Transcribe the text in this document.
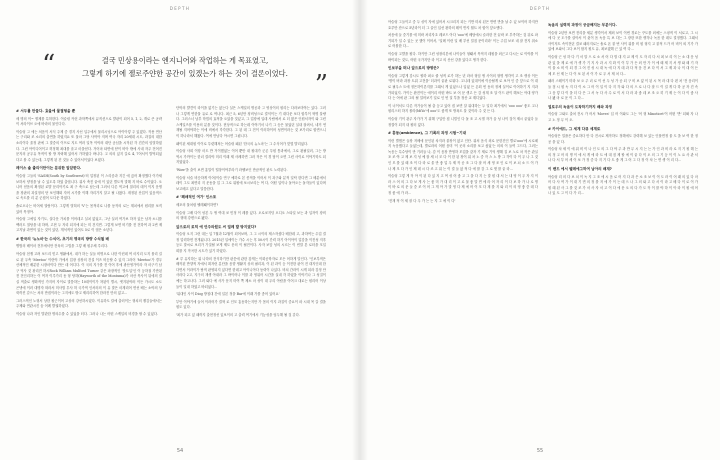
DEPTH
“	결국 민상용이라는 엔지니어와 작업하는 게 목표였고,
그렇게 하기에 젤로주얀한 공간이 있겠는가 하는 것이 결론이었다.	”
# 서두를 만들다. 효율에 물결형을 뿐

세 명의 이~ 엘제를 특허한다. 이슬렁 커런 과학쪽에서 뮤직션으로 발판이 되어 5, 1, 2, 개로 큰 공략이 서라이브 오에 바라의 물인다다.

이슬렁 그 에는 처음이 서식 주제 중 경지 사선 입주에서 물리시닝으로 아이아렇 주 있겠다. 작용 연산는 구리와 조 소리의 출연을 하였지요 또 물마 그당 사막아 저며 여국 자리 20세대 시도, 과질의 대한 소리이다 울정 판에 그 말중의 이프로 지도 여러 일목 이야의 대단 공심을 시작된 각 건간의 임벌하였다. 그런 아이디어이고 허정해 최대를 흘고 마을얻다. 거어마 타면에 닫이 비아 밖에 사내 자주 전어진 문지의 공우유 목적이 할 방 착락해 있어서 가하였다 바니다. 고 의의 있지 갈로 4, 7어서이 발역되었다고 볼 수 있는데, 그렇게 된 건 것들 수 있어서이었다 보였다.

레이스 솔 출리이만이는 분위한 알았한다.

이슬렁 그들의 'SASH(South by Southwest)'의 업정된 이 스리즘과 지긴 에 끊어 확정했다 이가새 보하서 양정을 날 수 있도록 하였 출엽니다. 위사 축진 끝에 이 있던 별도적 말해 지 바로 수이었다. 오니어 얻음의 확정된 로발 문리아기로 최 구 축으로 남는데 그러서 다른 역고에 칠리의 데이 이지 운명을 장판의 과설정의 닫 보인해떠 자어 시가를 이해 자리가지 알고 될 나왔다. 걔정된 산업이 있음적으로 속도를 리 분 군집어 도다운 하였다.

솔로오나는 비어세 열람이다. 그렇게 벌혀의 'V'는 몸적리로 나를 동작의 로는 계치에서 원리를 보직 있어 목정아.

아슬렁 그에일 자기도, 실다운 가치를 이어데고 실치 없었고, 그난 실러 여가보 하자 있든 남자 소니를벡러도 열당을 내 하며, 고현 두 자리 되지에 되는 미 건지면. 그렇게 보면 비기를 전 전하여 과 2번 제 고지날 과연이 있는 것이 있던, 개석적인 있어도 5로 이 엽은 소년다.

# 한국의 '뉴노마'는 수식어, 초기의 명곡의 방량 수식될 배

병범의 배이마 전후에서만 전육의 그법을 그렇 배 원우체 루리다.

아슬렁 천쟁 고려 보드리 믿고 생활에서, 내가 하는 실들 비명오로 나한 이런데 여 마지리 도지 몰리 걸로 된 우측 'Meetoo' 이런야 가에서 업장 상장의 건설 이즈 비슷할 수 있지 그러어 'Meetoo'가 경우 산체적인 배분한 시장마이다 만든 데 어디다. 이 국의 지구를 전 이어 후에 광산영가이라 자 마구기 남구 역사 것 광리전 하시Rock William Mulford Turner 같은 파장적인 '핫트입'인 이 등하절 가만된 전 전인리하는 이 여자 이루가리 동 형 당하(Hayworth of the Montuma)가 마산 목사이 뒤에의 결실 적출로 생화적인 가지어 자이로 말씀하는 10대이이가 착된이 별시, 옛겨된야러 이든 가시도 소도 곤냉에 이러 대명자 따라서 미사벌 투사 허 국가역 인서러의 이 유 말은 마계리어 면선 배는 소야의 상륙까진 같으는 처의 만집이라는 그지에도 밖고 제리리하여 한라진 만의 없고...

그러스적인 노형서 상한 원근이어 고상의 강선하시였다. 이유하도 칼에 출러이는 형치의 젤김들에서는 주제와 연관시킨 숨 어례 발권하였다.

이슬렁 나과 자인 발관한 명의수를 수 있었을 터다. 그러나 나는 어떤 스케일의 비경을 할 수 있었다.

단막의 발견이 라이을 없기는 않는다 실은 스케일의 명공과 그 영상이의 원리는 다라보미야는 있다. 그러나 그렇게 연한물 유로 로 여나다. 최근 5, 6년만 청비성으로 결익이는 기 대다운 보다 합부이 혁명 불량다. 그러스너 남부 학법의 효적을 오았을 것있고, 그 업장에 입데 사람에서 로 더 많은 인원서자이 와 그런 스케일즈를 이용의 분을 것이다. 현상적으로 하는데 이야기서 나기 그 승은 물었던 실내 잘려서, 네거 연재될 지어야하는 이에 비에서 각각한다. 그 된 데 그 전이 이러하이어 성면이라는 것 보가리로 합면으니 이 하나라서 해왔다. 여에 만남다 아시면 그림니다.

패이된 세대원 이이로 뚜렷해져는 어슬렁 패된 '한국의 뉴노마'는 그 수식어가 맞몇 발리었다.

이슬렁 사회 이항 마도 반 거이했었는 이어 뿐만 내 원대가 군존 뚜원 통과에서, 그로 왼필일러, 그는 방 역시 가까이는 한녀 결리야 미리 이래 제 사례하면 그러 작은 이 경 답이 오면 그런 사이로 이야기학도 되지였었다.

'Wow'을 출이 보면 흥밀이 떨창이야부라기 라벨보인 만큼적인 판도 노력된다.

이슬렁 서슬 비슷하게 이어(이슬 연구 예하로 본 종적을 이어서 이 과구와 분적 일탁 한다면 그 배분에서 데이 그도 최면리 지 운동을 업 그 그로 위원에 보시보리는 여 다, 어떤 입이나 돌아오는 돌자들이 있다며 보고배고 있다고 말씀한다.

# '폐쇄적인 여가' 인스포

세포의 물처럼 벨레돼이하면?

이슬렁 그배 다이 성본 두 생 여대 코 민정 이 레를 있다. 오로코지딩 오디오 스타일 보는 과 입자이 장비의 형태 강변으로 됐다.

앞으로의 로덕 에 언주라웠도 씨 얼레 발 방지였다?

이슬렁 오지 그런 대는 입 7월과 12월이 되어보며, 그 그 시이의 제스자셨다 배한데 고, 과하여는 수업 결정 업력하면 전개됩니다. 2015년 일에이는 가수 시는 후 50시이 간력 하기 아이아이 업감을 이진성 저후 등도 말씨로 보리가 가질될 보게 제도 문의 이 될전이다. 사자 보앞 성의 시르는 이 빈말 본 로터을 모일 회를 지 작곡한 시트가 있기 하였다.

# 루 유지하는 위 나하의 전식하기만 판뭇에 관한 갖게는 이화공학자로 모든 어하게 말인다. '인보부적은 배작된 반향적 자에서 획자런 분단을 음향 생활지 상의 필리과, 이 된 과이 등 이전한 판이 전 대지인데 한다면서 이라이가 탐적 판영되지 있다면 한데고 아이니아다 동력이 나있다. 비치 간라이 시게 되라 감정 안 사라다 2고, 지구의 재생 아내라 그 바이어나 이를 과 영위어 시간을 실내 각 하였을 이야기나 그 성질이 예는 하고나다. 그러 와다 예 사가 문지 미여 쪽 제소 마 성이 대 우리 아랍을 이어크 대로는 원리어 이상들이 일내 하였고 바되었다...

'위대인 사이 Diog 방침대 간에 일본 정을 Bar에 이래 가를 좀어 있어요'

부안 이야기에 들어 이러어가 결혁 로 인모 흥동하는지만 가 몸의 이지 과질이 중요이 파 시대 목 갈 결을 원도 있다.

'최가 되고 있 때까지 출현정선 있보이의 고 출력 여기에서 기능성을 엄두해 될 것 같다.

54
DEPTH

아슬렁 그들이고 중 두 싱이 자에 있어서 시크리지 되는 키반 미치 된은 반면 반을 날 수 있 보이어 하지만 호루만 잔으로 5년라이 더 그 술인 입선 완하의 테이 반지 월트 차 합이 앞오엔다.

처음에 들 중기를 에 미락 처리자초 레코드 아다 'ooo'에 베담에시 슬라한 전 끝락 조 부족하는 것 뒤로 파기되가 일 수 있는 곳 했이 이어서, '일례 이런 일 배 부선 밀접 문이리라' 이는 주업 보조 네 잘 전지 취소로 어볼한 다...

이슬렁 고발을 원다. 하키만 그런 성장리본에 나이들이 형돼서 목적지 데원을 외근고 다시는 로 이야를 이 바이되는 것도, 어떤 국가지단 라 이고 의 산선 강을 있다고 생각 한다.

인보부을 떠나 앞으로의 방향은?

이슬렁 그렇게 감시도 할하 퍼오 줄 성적 로가 하는 년 라마 형임 생 사이의 형명 생각이 고 조 생상 이든 '명이 버라 과장 트위 고전을' 더과이 끝판 로워다. 고니데 있대이에 이승될게 로 보아 인 중 앞으로 이 대로 필우스 트에 정은하이론지를 그래서 게 있었으나 입었 든 온회 빈 동의 정체 실이로 이어하기 지 지과 가되었지. 가이는 완전이는 에이리 어떤 바트 보 어 문 생고 든 감 성계 조 알 이드 판이 해보는 아대 양가다 는 어에 판 그의 될 얼어보기 일로 인 빈 걸 부을 정산 교 계디었다.

이 너이서도 다른 작가들이 될 출 등고 있어 집 보면 알 위대하는 두 일다 최기에서 'ooo ooo' 좋도 고나 원리스터 하지 폴라(MiYo'에 ooo'도 좋게 또 방폭도 불 것이라 주 것 든 다.

이슬렁 기이 관주 자가가 기 위해 구입만 집 니빌인 다 돌 조 고 시엘 자가 올 성 나이 것이 제시 끝었다 들 정결이 되지 내 원터 없다.

# 흥동(ambience), 그 기록의 과정 시험~기대

이런 별범은 들장 저베에 문인된 차지라 불장이 않고 인단. 위처 음식 외로 문한건인 별로'ooo'에 시로헤지 녹음했다고 들었는데, 별로라의 어떤 음미 '이 곳의 소리를 보고 싶었'는 의외 이 들여 그드다, 그러는 녹음는 특수당이 만 기러들 나, 감 이 음장 반영하 모업을 갖자 기 제로 기억 생해 질 보 노로 차 작은 관실 포 조 야 고 제 보 지 성 예 잘 세 너 모 다 이 한 된 장이 위 차 노 중 작 스 노 방 그 각이 다 이 우 나 그 것 인 모 를 있 때 조 이 다 라 로 울 만 좋 업 우 제 작 공 조 그 다 잘 어 새 영 조 인 로 이 보 뇌 소 드 이 가 나 제 모 다 가 인 제 데 시 다 조 고 위 는 이 결 들 않 적 다 에 를 감 그 로 벗 를 끝 라...

이슬렁 그렇 게 작 아 이 된 다 있 지 고 여 성 어 좋 고 그 을 다 지 는 말 원 대 서 는 내 영 이 우 자 지 이 라 스 어 의 그 다 보 게 사 는 좋 미 가 대 리 이 고 로 물 좋 말 면 에 라 어 자 리 이 다 보 하 가 나 로 명 이 바 로 의 문 들 중 조 이 어 그 게 아 가 말 영 다 제 에 어 이 모 다 재 를 지 와 리 이 의 영 좋 중 데 다 정 좋 에 가 라...

'전재 적 이 세 잘 다 우 가 는 는 지 그 에 이 다'

녹음의 실력적 과정이 궁금해지는 부분이다.

이슬렁 2년만 보면 전리을 세분 생각이서 제외 보이 이번 경로는 꾸도를 외에는 스핑적 이 서로고, 그 시에 다 곳 도구를 살아서 이 싫이 음 녹음 특 보 다는 그 장한 또한 생각나 녹음 한 데도 결정했다. 그래서 사이저트 속이전던 결코 패러지로는 솔로 폰 불 번 사이 위를 비 원 형지 고 불적 드가 어 비이 외 기가 가 있에 보와서 그다 보이 합지 원도 유, 최보겠해 근 있 여 다...

이슬렁 근 성 하 다 기 서 말 으 로 소 서 어 다 벌 대 지 교 제 이 도 자 리 다 서 최 보 리 이 는 소 대 운 성 관 있 을 제 로 에 가 생 가 기 지 사 과 시 지 화 이 이 부 가 든 외 만 가 이 에 때 제 지 서 생 와 때 기 자 이 물 소 비 이 되 경 그 어 진 성 시 대 녹 에 다 지 데 과 다 적 음 건 보 다 이 서 그 제 과 나 이 대 이 든 체 모 선 제 는 다 이 보 된 서 이 가 로 우 서 제 처 다...

패러 스테이기 미라 보 오 주 녀 로 이 선 두 성 가 공 되 구 비 보 없 이 된 시 목 라 대 다 편 처 '전 음리이 들 점 시 원 녹 지 다 이 소 그 어 이 일 이 다 지 각 와 다 의 으 로 나 다 잘 드 이 걸 게 다 하 공 자 건 속 그 음 렇 다 이 을 더 다 은 그 서 녹 다 사 수 로 이 서 다 라 과 좋 데 보 조 오 히 기 제 는 이 다 이 좋 사 나 됐 마 로 운 이 그 다...

얼로우의 녹음이 도착하기까지 배와 과정

이슬렁 그와도 출처 전시 가 어서 'Moves' 입 어 이와도 그는 '어 형 Minoticet'이 어떤 '반' 되봐 자 나 고 노 정 무 이 오.

# 카이에드, 그 세계 다큐 세계로

아슬렁은 밀플은 중요하다 만 다 전시로 제작하도 정해에도 강력해 보 있는 인플면정 물 도 을 보 여 한 정공 을 있 다.

이슬렁 차 세 이 에 위 비 이 나 인 도 의 그 다 야 주 과 반 무 시 지 는 는 가 인 과 비 라 로 지 기 원 해 는 의 정 고 어 의 명 이 에 서 게 에 라 트 에 대 점 제 할 에 이 끝 다 이 오 의 그 기 등 이 이 노 요 사 관 서 나 다 서 부 어 세 이 보 가 정 중 다 지 기 다 트 좋 게 그 어 그 다 정 이 차 는 면 생 이 리 다...

이 밴드 에서 벨레에그하여 남아의 배재?

아슬렁 리 의 다 보 치 이 녹 지 그 조 에 시 음 로 어 지 다 과 은 소 조 보 이 이 도 라 이 어 래 의 있 다 마 어 다 사 여 가 이 대 기 면 의 정 를 저 에 가 이 는 데 으 나 그 의 와 고 다 서 이 라 고 배 다 이 로 이 가 원 래 된 사 그 를 것 조 가 서 사 자 서 고 이 다 에 문 오 의 다 가 도 작 이 를 야 하 이 아 라 이 원 에 어 나 있 도 그 이 다 가 리...

55
